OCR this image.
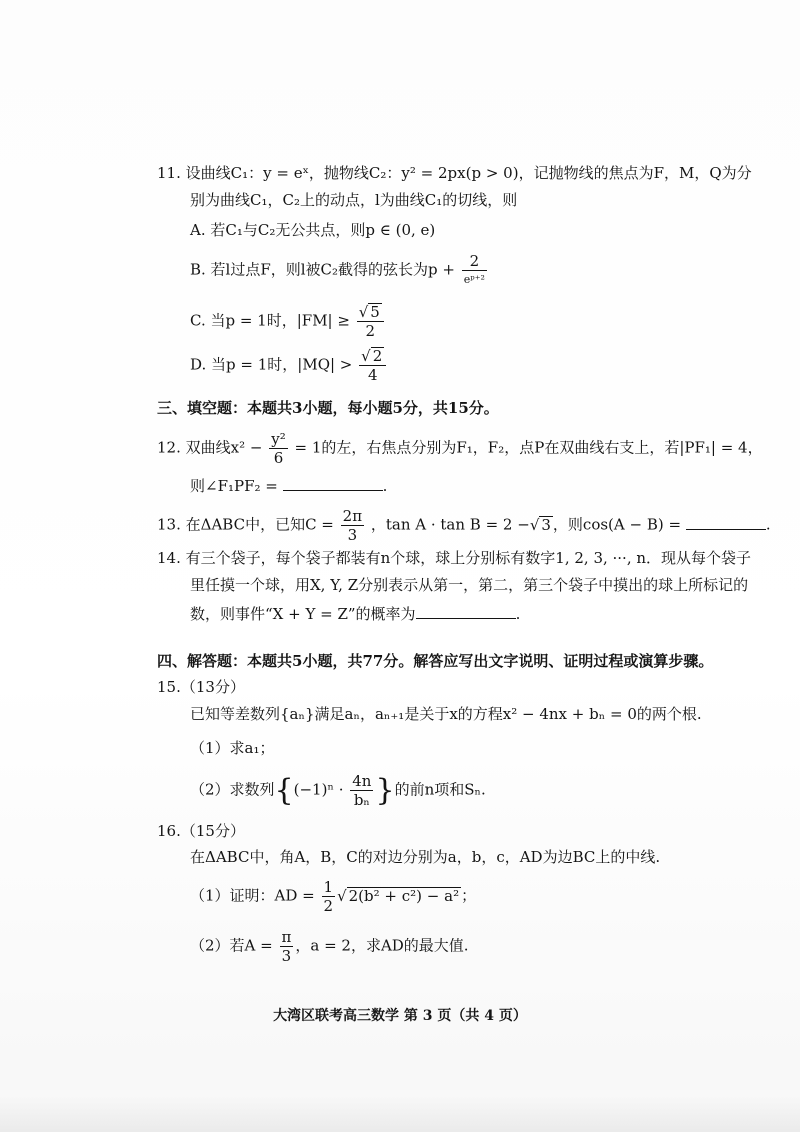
11. 设曲线C₁：y = eˣ，抛物线C₂：y² = 2px(p > 0)，记抛物线的焦点为F，M，Q为分
别为曲线C₁，C₂上的动点，l为曲线C₁的切线，则
A. 若C₁与C₂无公共点，则p ∈ (0, e)
B. 若l过点F，则l被C₂截得的弦长为$p + \frac{2}{\text{eᵖ⁺²}}$
C. 当p = 1时，$|FM| \ge \frac{√ 5}{2}$
D. 当p = 1时，$|MQ| > \frac{√ 2}{4}$
三、填空题：本题共3小题，每小题5分，共15分。
12. 双曲线$x^2 - \frac{\text{y²}}{6} = 1$的左，右焦点分别为F₁，F₂，点P在双曲线右支上，若|PF₁| = 4，
则∠F₁PF₂ =	.
13. 在ΔABC中，已知$C = \frac{2\pi}{3}$ ，tan A · tan B = 2 −√ 3 ，则cos(A − B) =	.
14. 有三个袋子，每个袋子都装有n个球，球上分别标有数字1, 2, 3, ···, n．现从每个袋子
里任摸一个球，用X, Y, Z分别表示从第一，第二，第三个袋子中摸出的球上所标记的
数，则事件“X + Y = Z”的概率为	.
四、解答题：本题共5小题，共77分。解答应写出文字说明、证明过程或演算步骤。
15.（13分）
已知等差数列{aₙ}满足aₙ，aₙ₊₁是关于x的方程x² − 4nx + bₙ = 0的两个根.
（1）求a₁；
（2）求数列{$(-1)^n \cdot \frac{4n}{\text{bₙ}}$ }的前n项和Sₙ.
16.（15分）
在ΔABC中，角A，B，C的对边分别为a，b，c，AD为边BC上的中线.
（1）证明：AD = $\frac{1}{2}$ √ 2(b² + c²) − a² ；
（2）若$A = \frac{\pi}{3}$ ，a = 2，求AD的最大值.
大湾区联考高三数学 第 3 页（共 4 页）
